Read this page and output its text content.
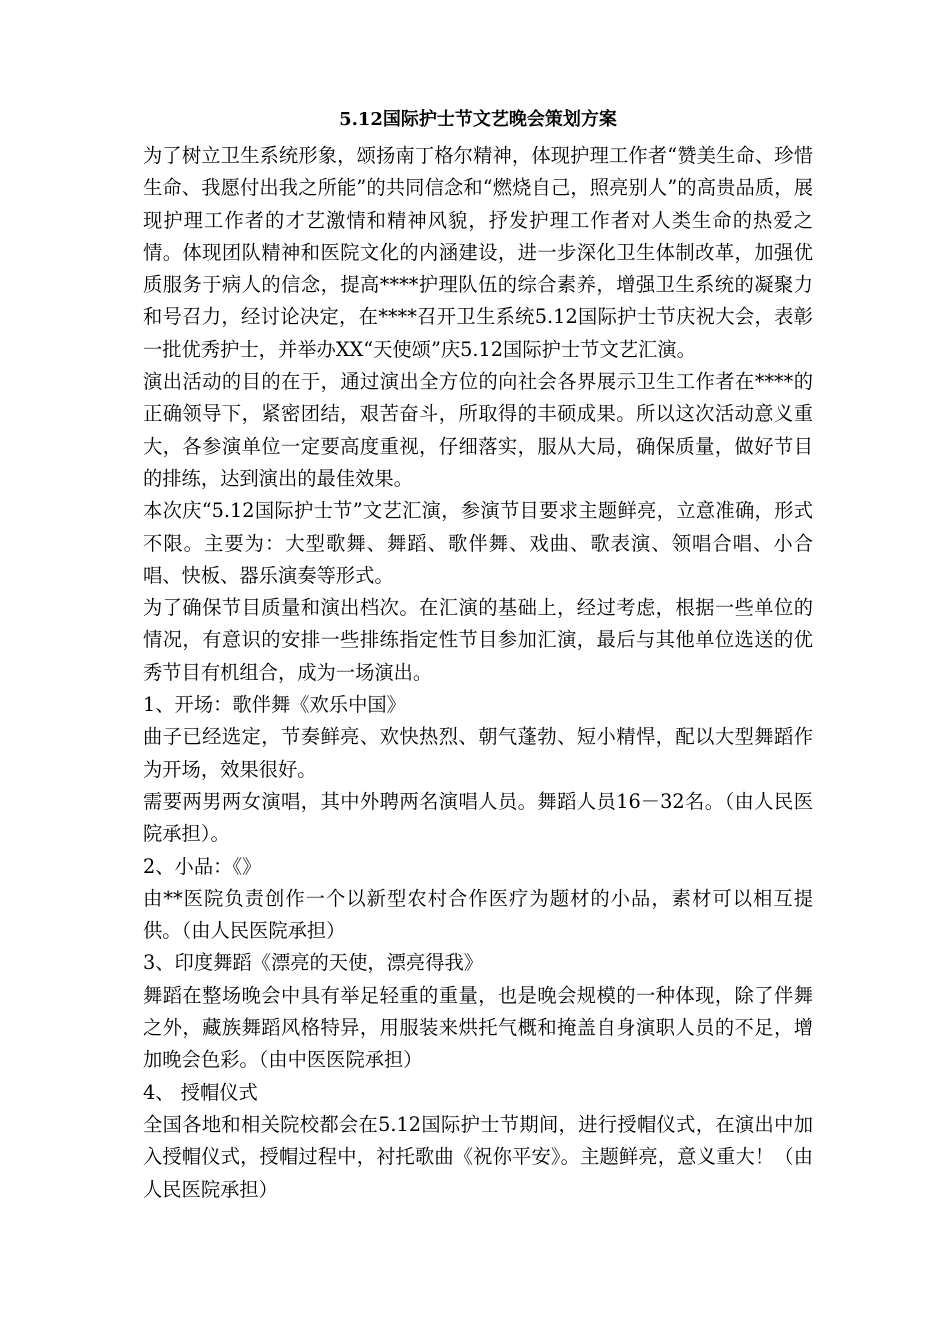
5.12国际护士节文艺晚会策划方案

为了树立卫生系统形象，颂扬南丁格尔精神，体现护理工作者“赞美生命、珍惜生命、我愿付出我之所能”的共同信念和“燃烧自己，照亮别人”的高贵品质，展现护理工作者的才艺激情和精神风貌，抒发护理工作者对人类生命的热爱之情。体现团队精神和医院文化的内涵建设，进一步深化卫生体制改革，加强优质服务于病人的信念，提高****护理队伍的综合素养，增强卫生系统的凝聚力和号召力，经讨论决定，在****召开卫生系统5.12国际护士节庆祝大会，表彰一批优秀护士，并举办XX“天使颂”庆5.12国际护士节文艺汇演。

演出活动的目的在于，通过演出全方位的向社会各界展示卫生工作者在****的正确领导下，紧密团结，艰苦奋斗，所取得的丰硕成果。所以这次活动意义重大，各参演单位一定要高度重视，仔细落实，服从大局，确保质量，做好节目的排练，达到演出的最佳效果。

本次庆“5.12国际护士节”文艺汇演，参演节目要求主题鲜亮，立意准确，形式不限。主要为：大型歌舞、舞蹈、歌伴舞、戏曲、歌表演、领唱合唱、小合唱、快板、器乐演奏等形式。

为了确保节目质量和演出档次。在汇演的基础上，经过考虑，根据一些单位的情况，有意识的安排一些排练指定性节目参加汇演，最后与其他单位选送的优秀节目有机组合，成为一场演出。

1、开场：歌伴舞《欢乐中国》

曲子已经选定，节奏鲜亮、欢快热烈、朝气蓬勃、短小精悍，配以大型舞蹈作为开场，效果很好。

需要两男两女演唱，其中外聘两名演唱人员。舞蹈人员16－32名。（由人民医院承担）。

2、小品：《》

由**医院负责创作一个以新型农村合作医疗为题材的小品，素材可以相互提供。（由人民医院承担）

3、印度舞蹈《漂亮的天使，漂亮得我》

舞蹈在整场晚会中具有举足轻重的重量，也是晚会规模的一种体现，除了伴舞之外，藏族舞蹈风格特异，用服装来烘托气概和掩盖自身演职人员的不足，增加晚会色彩。（由中医医院承担）

4、 授帽仪式

全国各地和相关院校都会在5.12国际护士节期间，进行授帽仪式，在演出中加入授帽仪式，授帽过程中，衬托歌曲《祝你平安》。主题鲜亮，意义重大！（由人民医院承担）
